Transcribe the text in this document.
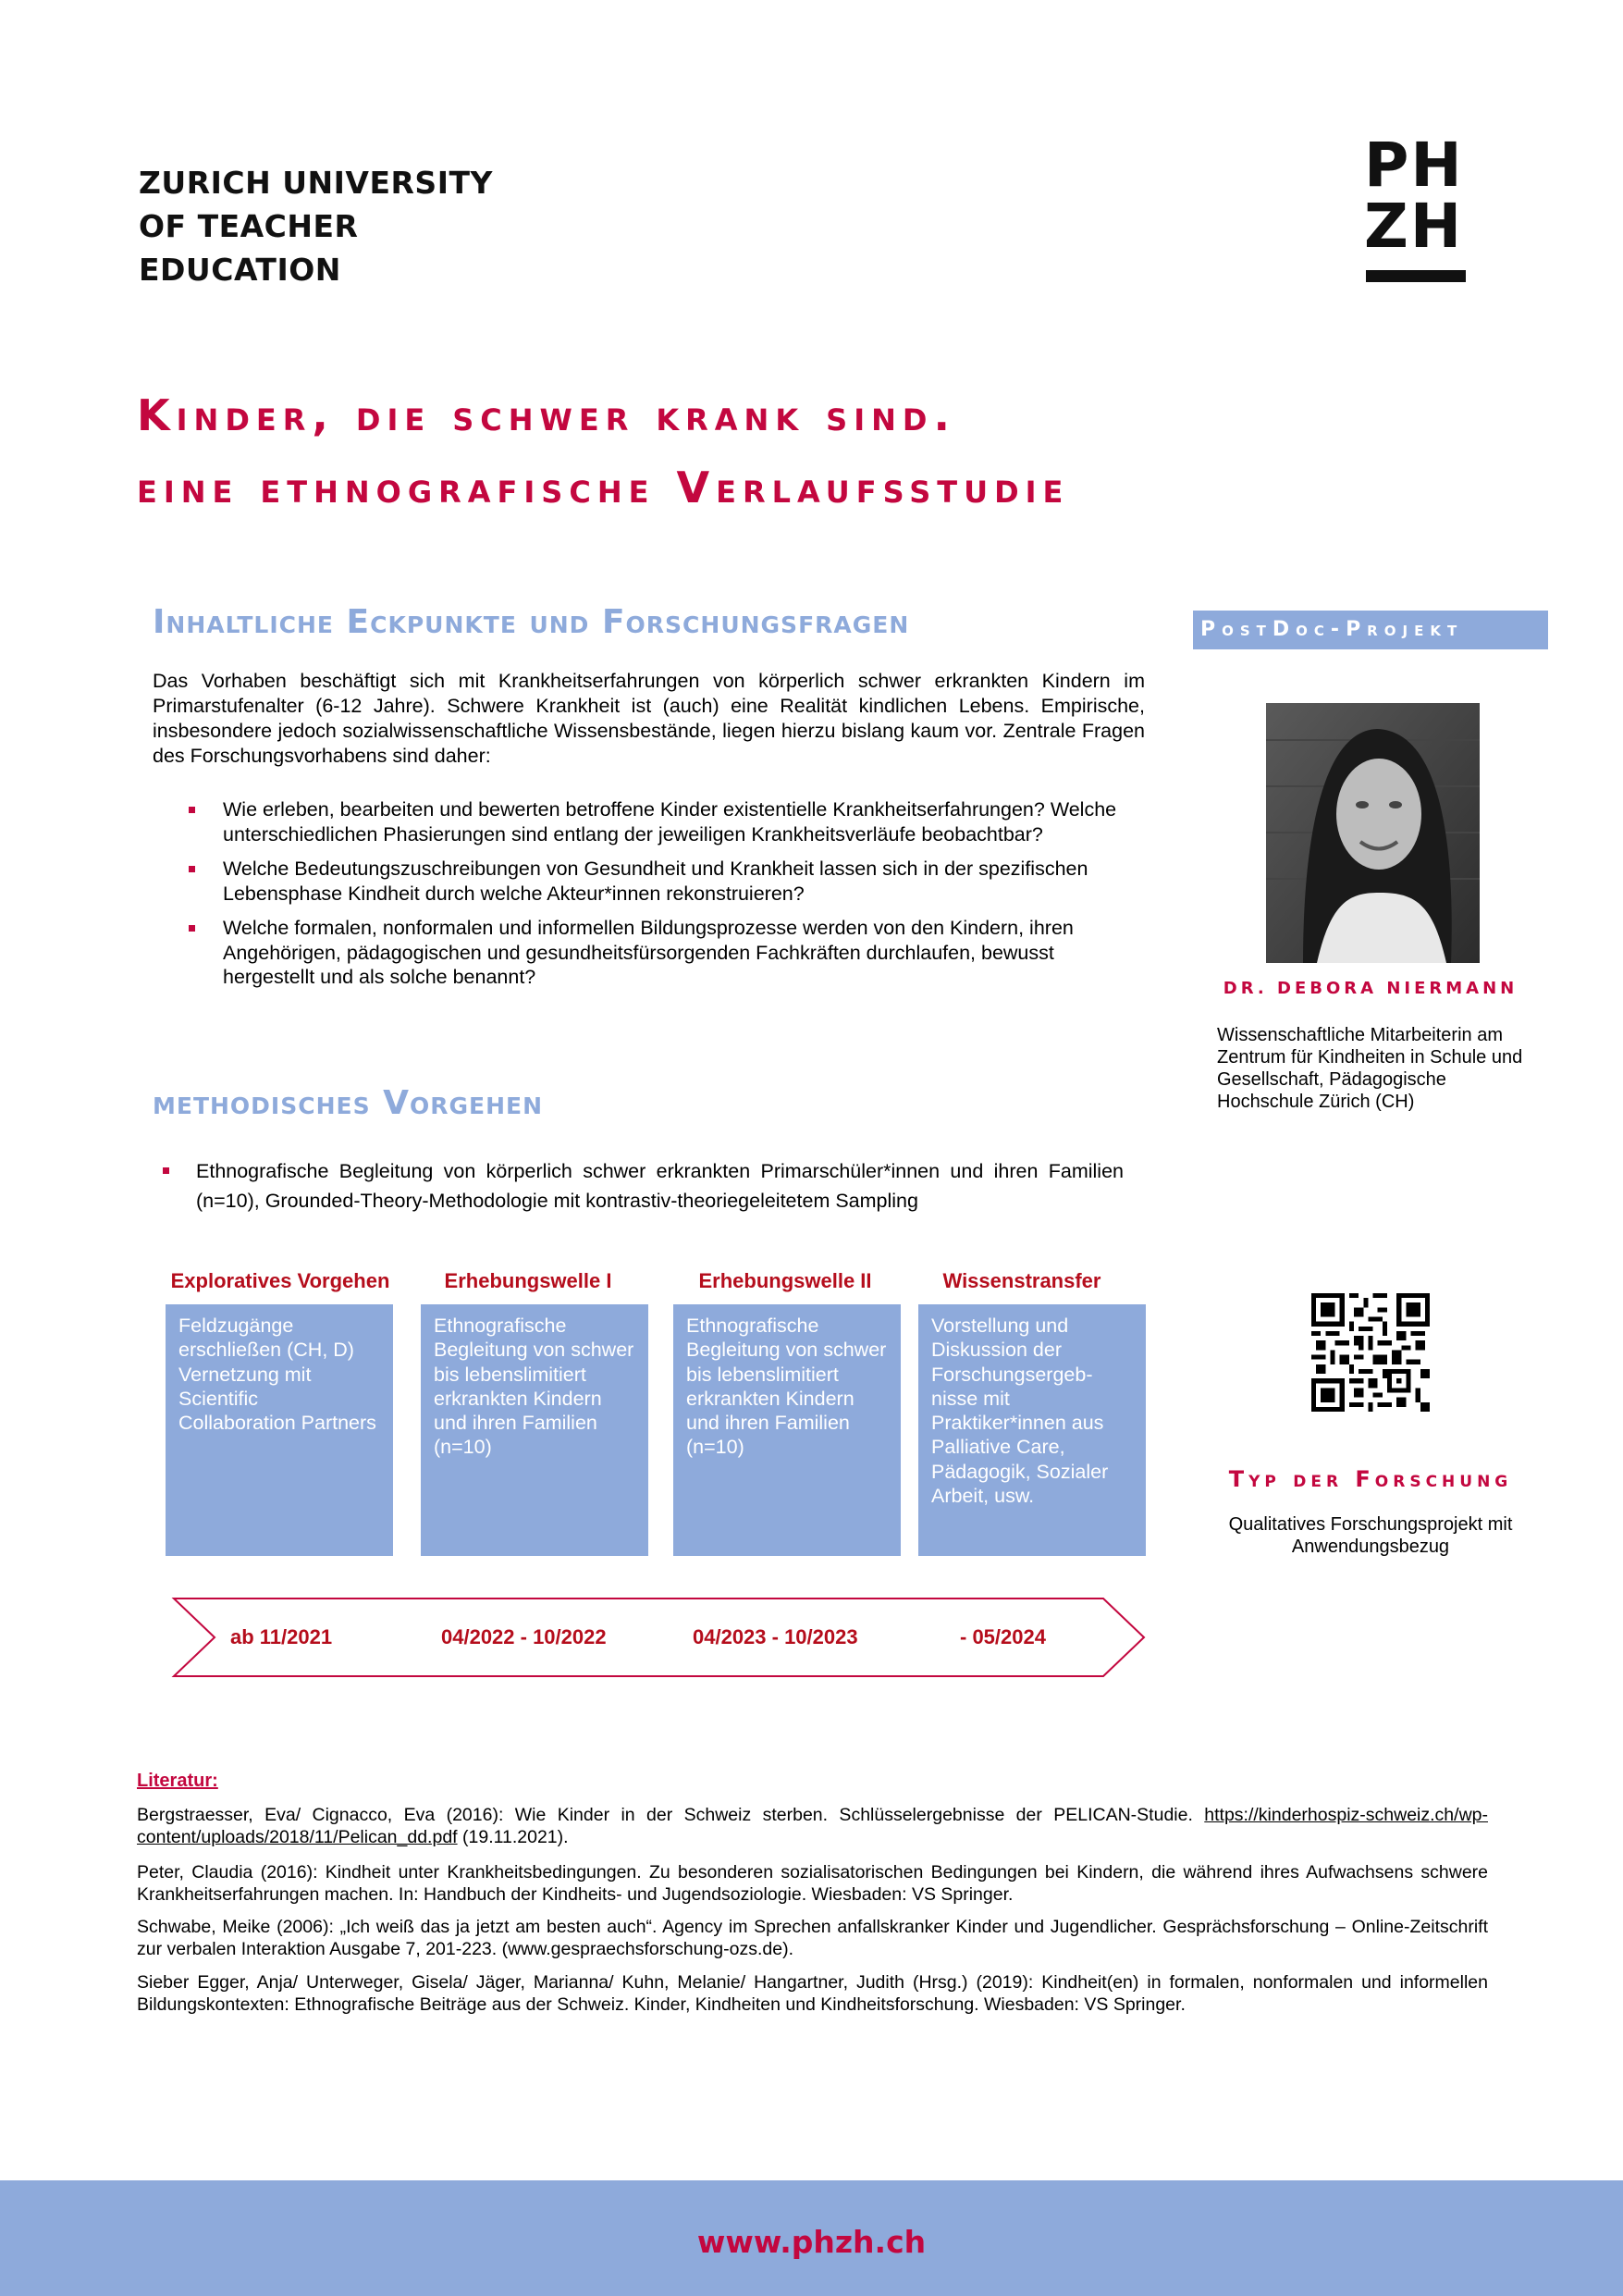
ZURICH UNIVERSITY
OF TEACHER
EDUCATION
PH
ZH
Kinder, die schwer krank sind.
eine ethnografische Verlaufsstudie
Inhaltliche Eckpunkte und Forschungsfragen
Das Vorhaben beschäftigt sich mit Krankheitserfahrungen von körperlich schwer erkrankten Kindern im Primarstufenalter (6-12 Jahre). Schwere Krankheit ist (auch) eine Realität kindlichen Lebens. Empirische, insbesondere jedoch sozialwissenschaftliche Wissensbestände, liegen hierzu bislang kaum vor. Zentrale Fragen des Forschungsvorhabens sind daher:
Wie erleben, bearbeiten und bewerten betroffene Kinder existentielle Krankheitserfahrungen? Welche unterschiedlichen Phasierungen sind entlang der jeweiligen Krankheitsverläufe beobachtbar?
Welche Bedeutungszuschreibungen von Gesundheit und Krankheit lassen sich in der spezifischen Lebensphase Kindheit durch welche Akteur*innen rekonstruieren?
Welche formalen, nonformalen und informellen Bildungsprozesse werden von den Kindern, ihren Angehörigen, pädagogischen und gesundheitsfürsorgenden Fachkräften durchlaufen, bewusst hergestellt und als solche benannt?
methodisches Vorgehen
Ethnografische Begleitung von körperlich schwer erkrankten Primarschüler*innen und ihren Familien (n=10), Grounded-Theory-Methodologie mit kontrastiv-theoriegeleitetem Sampling
Exploratives Vorgehen	Erhebungswelle I	Erhebungswelle II	Wissenstransfer
Feldzugänge erschließen (CH, D) Vernetzung mit Scientific Collaboration Partners
Ethnografische Begleitung von schwer bis lebenslimitiert erkrankten Kindern und ihren Familien (n=10)
Ethnografische Begleitung von schwer bis lebenslimitiert erkrankten Kindern und ihren Familien (n=10)
Vorstellung und Diskussion der Forschungsergeb-nisse mit Praktiker*innen aus Palliative Care, Pädagogik, Sozialer Arbeit, usw.
ab 11/2021	04/2022 - 10/2022	04/2023 - 10/2023	- 05/2024
PostDoc-Projekt
DR. DEBORA NIERMANN
Wissenschaftliche Mitarbeiterin am Zentrum für Kindheiten in Schule und Gesellschaft, Pädagogische Hochschule Zürich (CH)
Typ der Forschung
Qualitatives Forschungsprojekt mit Anwendungsbezug
Literatur:
Bergstraesser, Eva/ Cignacco, Eva (2016): Wie Kinder in der Schweiz sterben. Schlüsselergebnisse der PELICAN-Studie. https://kinderhospiz-schweiz.ch/wp-content/uploads/2018/11/Pelican_dd.pdf (19.11.2021).
Peter, Claudia (2016): Kindheit unter Krankheitsbedingungen. Zu besonderen sozialisatorischen Bedingungen bei Kindern, die während ihres Aufwachsens schwere Krankheitserfahrungen machen. In: Handbuch der Kindheits- und Jugendsoziologie. Wiesbaden: VS Springer.
Schwabe, Meike (2006): „Ich weiß das ja jetzt am besten auch“. Agency im Sprechen anfallskranker Kinder und Jugendlicher. Gesprächsforschung – Online-Zeitschrift zur verbalen Interaktion Ausgabe 7, 201-223. (www.gespraechsforschung-ozs.de).
Sieber Egger, Anja/ Unterweger, Gisela/ Jäger, Marianna/ Kuhn, Melanie/ Hangartner, Judith (Hrsg.) (2019): Kindheit(en) in formalen, nonformalen und informellen Bildungskontexten: Ethnografische Beiträge aus der Schweiz. Kinder, Kindheiten und Kindheitsforschung. Wiesbaden: VS Springer.
www.phzh.ch
